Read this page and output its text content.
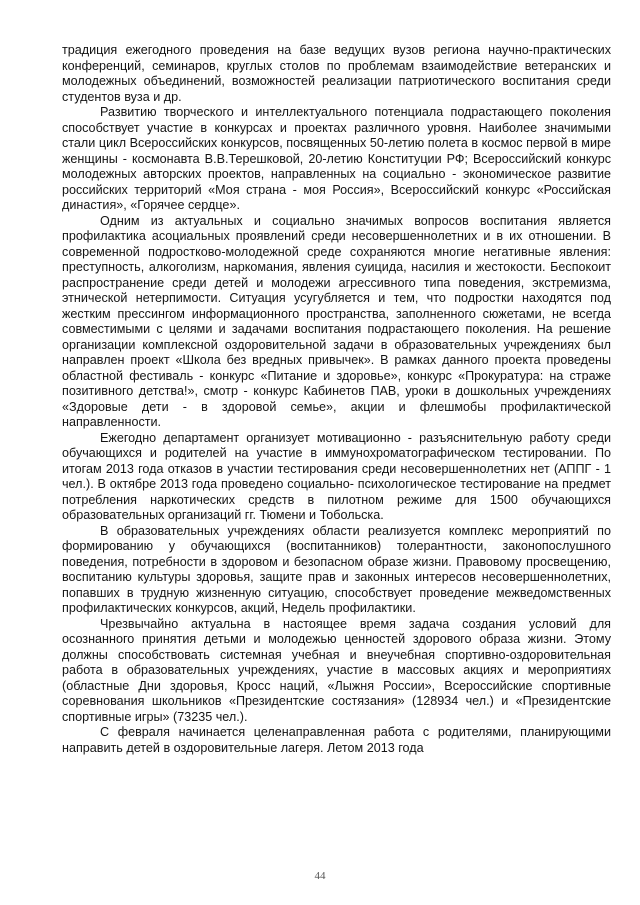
традиция ежегодного проведения на базе ведущих вузов региона научно-практических конференций, семинаров, круглых столов по проблемам взаимодействие ветеранских и молодежных объединений, возможностей реализации патриотического воспитания среди студентов вуза и др.

Развитию творческого и интеллектуального потенциала подрастающего поколения способствует участие в конкурсах и проектах различного уровня. Наиболее значимыми стали цикл Всероссийских конкурсов, посвященных 50-летию полета в космос первой в мире женщины - космонавта В.В.Терешковой, 20-летию Конституции РФ; Всероссийский конкурс молодежных авторских проектов, направленных на социально - экономическое развитие российских территорий «Моя страна - моя Россия», Всероссийский конкурс «Российская династия», «Горячее сердце».

Одним из актуальных и социально значимых вопросов воспитания является профилактика асоциальных проявлений среди несовершеннолетних и в их отношении. В современной подростково-молодежной среде сохраняются многие негативные явления: преступность, алкоголизм, наркомания, явления суицида, насилия и жестокости. Беспокоит распространение среди детей и молодежи агрессивного типа поведения, экстремизма, этнической нетерпимости. Ситуация усугубляется и тем, что подростки находятся под жестким прессингом информационного пространства, заполненного сюжетами, не всегда совместимыми с целями и задачами воспитания подрастающего поколения. На решение организации комплексной оздоровительной задачи в образовательных учреждениях был направлен проект «Школа без вредных привычек». В рамках данного проекта проведены областной фестиваль - конкурс «Питание и здоровье», конкурс «Прокуратура: на страже позитивного детства!», смотр - конкурс Кабинетов ПАВ, уроки в дошкольных учреждениях «Здоровые дети - в здоровой семье», акции и флешмобы профилактической направленности.

Ежегодно департамент организует мотивационно - разъяснительную работу среди обучающихся и родителей на участие в иммунохроматографическом тестировании. По итогам 2013 года отказов в участии тестирования среди несовершеннолетних нет (АППГ - 1 чел.). В октябре 2013 года проведено социально- психологическое тестирование на предмет потребления наркотических средств в пилотном режиме для 1500 обучающихся образовательных организаций гг. Тюмени и Тобольска.

В образовательных учреждениях области реализуется комплекс мероприятий по формированию у обучающихся (воспитанников) толерантности, законопослушного поведения, потребности в здоровом и безопасном образе жизни. Правовому просвещению, воспитанию культуры здоровья, защите прав и законных интересов несовершеннолетних, попавших в трудную жизненную ситуацию, способствует проведение межведомственных профилактических конкурсов, акций, Недель профилактики.

Чрезвычайно актуальна в настоящее время задача создания условий для осознанного принятия детьми и молодежью ценностей здорового образа жизни. Этому должны способствовать системная учебная и внеучебная спортивно-оздоровительная работа в образовательных учреждениях, участие в массовых акциях и мероприятиях (областные Дни здоровья, Кросс наций, «Лыжня России», Всероссийские спортивные соревнования школьников «Президентские состязания» (128934 чел.) и «Президентские спортивные игры» (73235 чел.).

С февраля начинается целенаправленная работа с родителями, планирующими направить детей в оздоровительные лагеря. Летом 2013 года

44
